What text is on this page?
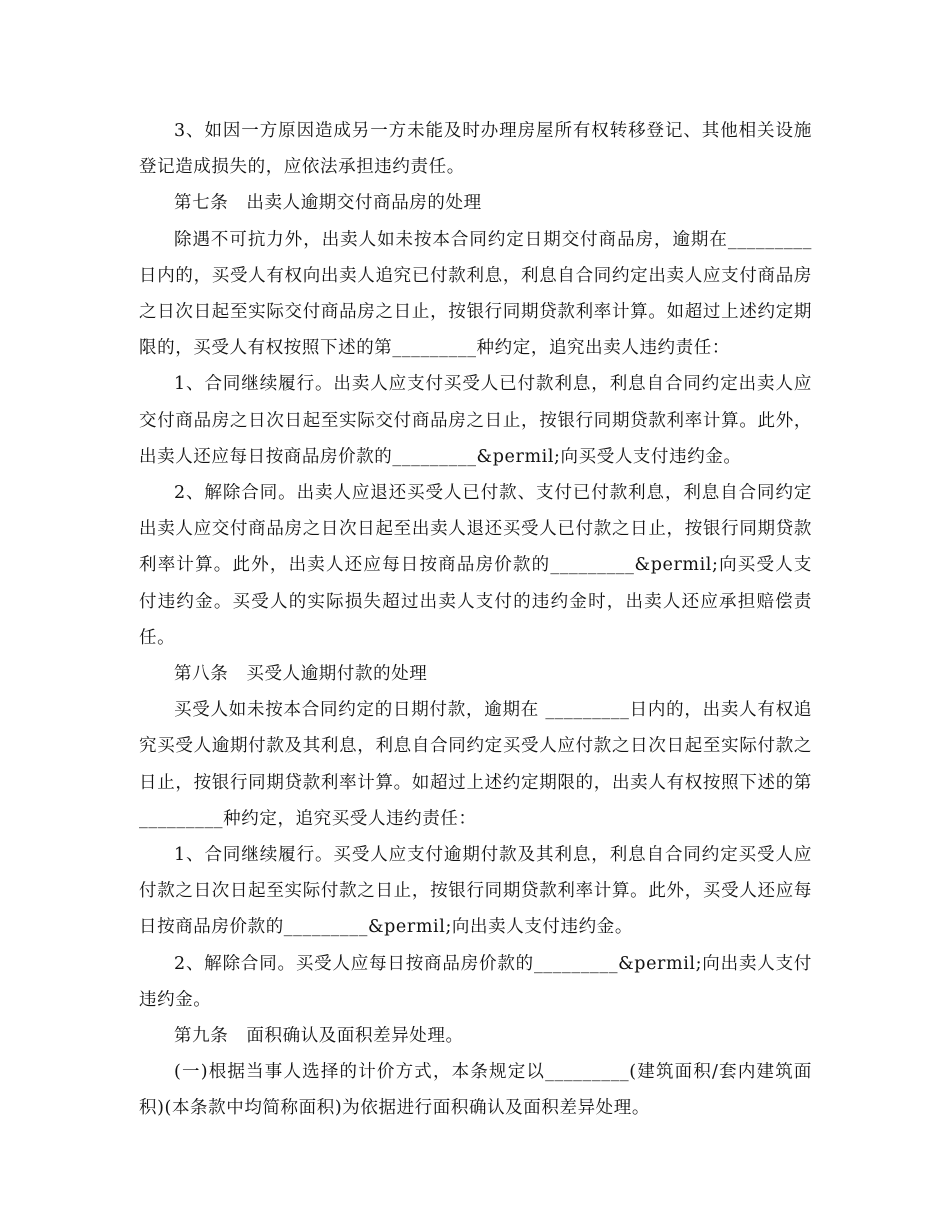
3、如因一方原因造成另一方未能及时办理房屋所有权转移登记、其他相关设施登记造成损失的，应依法承担违约责任。

第七条　出卖人逾期交付商品房的处理

除遇不可抗力外，出卖人如未按本合同约定日期交付商品房，逾期在_________日内的，买受人有权向出卖人追究已付款利息，利息自合同约定出卖人应支付商品房之日次日起至实际交付商品房之日止，按银行同期贷款利率计算。如超过上述约定期限的，买受人有权按照下述的第_________种约定，追究出卖人违约责任：

1、合同继续履行。出卖人应支付买受人已付款利息，利息自合同约定出卖人应交付商品房之日次日起至实际交付商品房之日止，按银行同期贷款利率计算。此外，出卖人还应每日按商品房价款的_________&permil;向买受人支付违约金。

2、解除合同。出卖人应退还买受人已付款、支付已付款利息，利息自合同约定出卖人应交付商品房之日次日起至出卖人退还买受人已付款之日止，按银行同期贷款利率计算。此外，出卖人还应每日按商品房价款的_________&permil;向买受人支付违约金。买受人的实际损失超过出卖人支付的违约金时，出卖人还应承担赔偿责任。

第八条　买受人逾期付款的处理

买受人如未按本合同约定的日期付款，逾期在 _________日内的，出卖人有权追究买受人逾期付款及其利息，利息自合同约定买受人应付款之日次日起至实际付款之日止，按银行同期贷款利率计算。如超过上述约定期限的，出卖人有权按照下述的第_________种约定，追究买受人违约责任：

1、合同继续履行。买受人应支付逾期付款及其利息，利息自合同约定买受人应付款之日次日起至实际付款之日止，按银行同期贷款利率计算。此外，买受人还应每日按商品房价款的_________&permil;向出卖人支付违约金。

2、解除合同。买受人应每日按商品房价款的_________&permil;向出卖人支付违约金。

第九条　面积确认及面积差异处理。

(一)根据当事人选择的计价方式，本条规定以_________(建筑面积/套内建筑面积)(本条款中均简称面积)为依据进行面积确认及面积差异处理。
